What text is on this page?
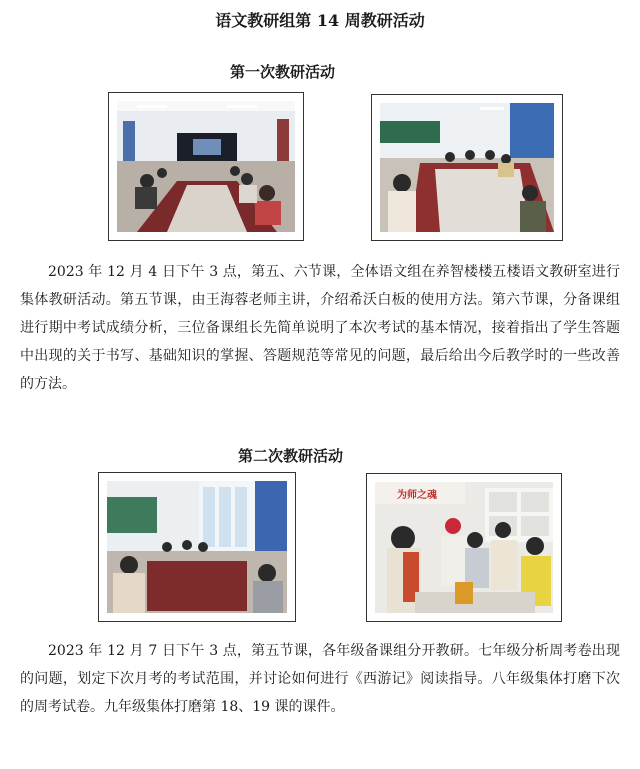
语文教研组第 14 周教研活动
第一次教研活动
2023 年 12 月 4 日下午 3 点，第五、六节课，全体语文组在养智楼楼五楼语文教研室进行集体教研活动。第五节课，由王海蓉老师主讲，介绍希沃白板的使用方法。第六节课，分备课组进行期中考试成绩分析，三位备课组长先简单说明了本次考试的基本情况，接着指出了学生答题中出现的关于书写、基础知识的掌握、答题规范等常见的问题，最后给出今后教学时的一些改善的方法。
第二次教研活动
为师之魂
2023 年 12 月 7 日下午 3 点，第五节课，各年级备课组分开教研。七年级分析周考卷出现的问题，划定下次月考的考试范围，并讨论如何进行《西游记》阅读指导。八年级集体打磨下次的周考试卷。九年级集体打磨第 18、19 课的课件。
